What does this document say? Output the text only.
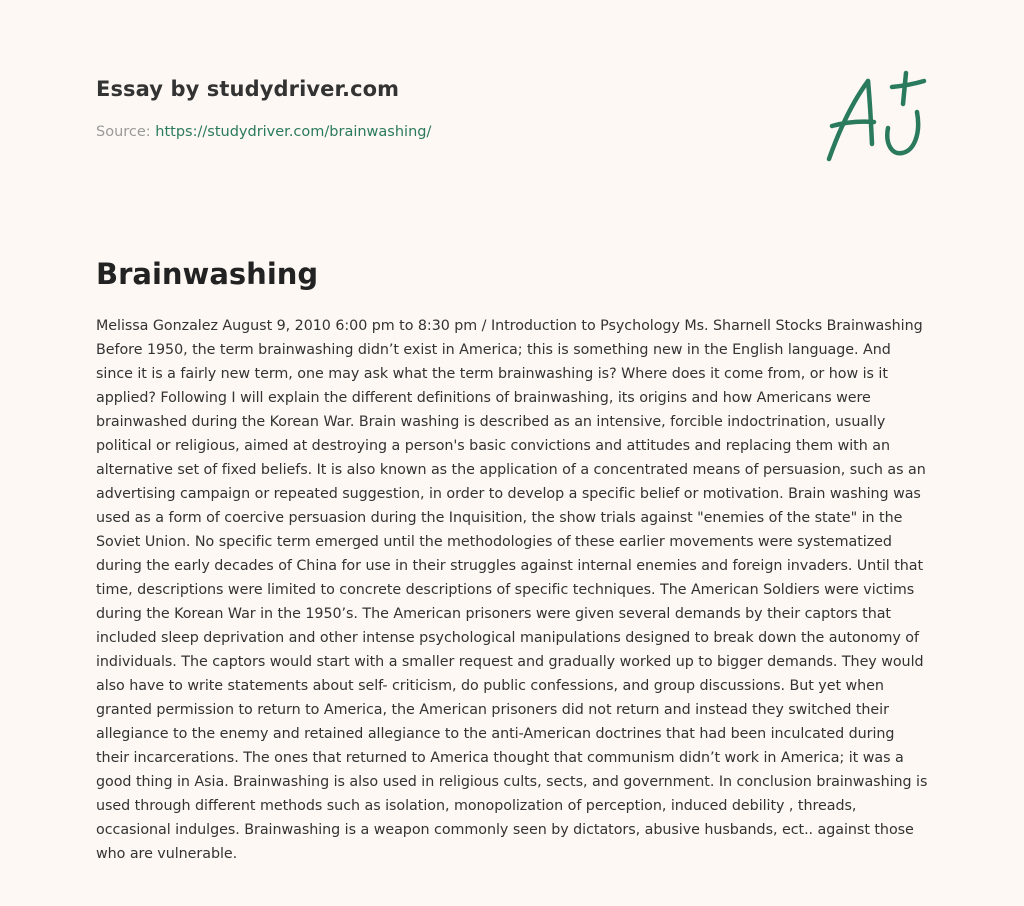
Essay by studydriver.com
Source: https://studydriver.com/brainwashing/
Brainwashing

Melissa Gonzalez August 9, 2010 6:00 pm to 8:30 pm / Introduction to Psychology Ms. Sharnell Stocks Brainwashing Before 1950, the term brainwashing didn’t exist in America; this is something new in the English language. And since it is a fairly new term, one may ask what the term brainwashing is? Where does it come from, or how is it applied? Following I will explain the different definitions of brainwashing, its origins and how Americans were brainwashed during the Korean War. Brain washing is described as an intensive, forcible indoctrination, usually political or religious, aimed at destroying a person's basic convictions and attitudes and replacing them with an alternative set of fixed beliefs. It is also known as the application of a concentrated means of persuasion, such as an advertising campaign or repeated suggestion, in order to develop a specific belief or motivation. Brain washing was used as a form of coercive persuasion during the Inquisition, the show trials against "enemies of the state" in the Soviet Union. No specific term emerged until the methodologies of these earlier movements were systematized during the early decades of China for use in their struggles against internal enemies and foreign invaders. Until that time, descriptions were limited to concrete descriptions of specific techniques. The American Soldiers were victims during the Korean War in the 1950’s. The American prisoners were given several demands by their captors that included sleep deprivation and other intense psychological manipulations designed to break down the autonomy of individuals. The captors would start with a smaller request and gradually worked up to bigger demands. They would also have to write statements about self- criticism, do public confessions, and group discussions. But yet when granted permission to return to America, the American prisoners did not return and instead they switched their allegiance to the enemy and retained allegiance to the anti-American doctrines that had been inculcated during their incarcerations. The ones that returned to America thought that communism didn’t work in America; it was a good thing in Asia. Brainwashing is also used in religious cults, sects, and government. In conclusion brainwashing is used through different methods such as isolation, monopolization of perception, induced debility , threads, occasional indulges. Brainwashing is a weapon commonly seen by dictators, abusive husbands, ect.. against those who are vulnerable.
